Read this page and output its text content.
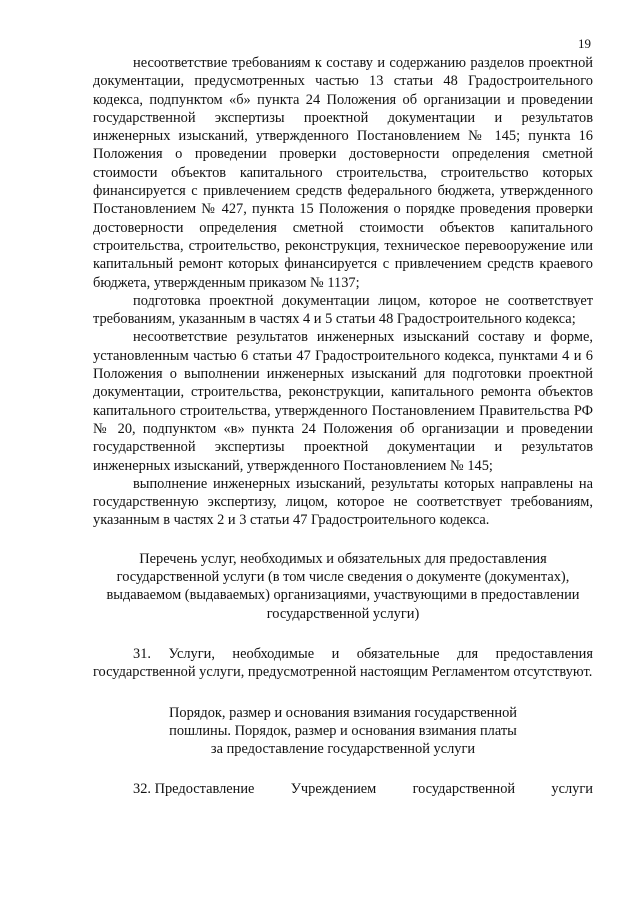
19

несоответствие требованиям к составу и содержанию разделов проектной документации, предусмотренных частью 13 статьи 48 Градостроительного кодекса, подпунктом «б» пункта 24 Положения об организации и проведении государственной экспертизы проектной документации и результатов инженерных изысканий, утвержденного Постановлением № 145; пункта 16 Положения о проведении проверки достоверности определения сметной стоимости объектов капитального строительства, строительство которых финансируется с привлечением средств федерального бюджета, утвержденного Постановлением № 427, пункта 15 Положения о порядке проведения проверки достоверности определения сметной стоимости объектов капитального строительства, строительство, реконструкция, техническое перевооружение или капитальный ремонт которых финансируется с привлечением средств краевого бюджета, утвержденным приказом № 1137;

подготовка проектной документации лицом, которое не соответствует требованиям, указанным в частях 4 и 5 статьи 48 Градостроительного кодекса;

несоответствие результатов инженерных изысканий составу и форме, установленным частью 6 статьи 47 Градостроительного кодекса, пунктами 4 и 6 Положения о выполнении инженерных изысканий для подготовки проектной документации, строительства, реконструкции, капитального ремонта объектов капитального строительства, утвержденного Постановлением Правительства РФ № 20, подпунктом «в» пункта 24 Положения об организации и проведении государственной экспертизы проектной документации и результатов инженерных изысканий, утвержденного Постановлением № 145;

выполнение инженерных изысканий, результаты которых направлены на государственную экспертизу, лицом, которое не соответствует требованиям, указанным в частях 2 и 3 статьи 47 Градостроительного кодекса.

Перечень услуг, необходимых и обязательных для предоставления
государственной услуги (в том числе сведения о документе (документах),
выдаваемом (выдаваемых) организациями, участвующими в предоставлении
государственной услуги)

31. Услуги, необходимые и обязательные для предоставления государственной услуги, предусмотренной настоящим Регламентом отсутствуют.

Порядок, размер и основания взимания государственной
пошлины. Порядок, размер и основания взимания платы
за предоставление государственной услуги
32. Предоставление	Учреждением	государственной	услуги
